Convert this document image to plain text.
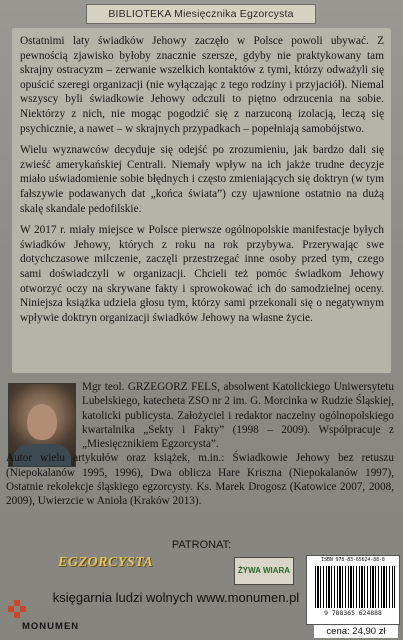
BIBLIOTEKA Miesięcznika Egzorcysta

Ostatnimi laty świadków Jehowy zaczęło w Polsce powoli ubywać. Z pewnością zjawisko byłoby znacznie szersze, gdyby nie praktykowany tam skrajny ostracyzm – zerwanie wszelkich kontaktów z tymi, którzy odważyli się opuścić szeregi organizacji (nie wyłączając z tego rodziny i przyjaciół). Niemal wszyscy byli świadkowie Jehowy odczuli to piętno odrzucenia na sobie. Niektórzy z nich, nie mogąc pogodzić się z narzuconą izolacją, leczą się psychicznie, a nawet – w skrajnych przypadkach – popełniają samobójstwo.

Wielu wyznawców decyduje się odejść po zrozumieniu, jak bardzo dali się zwieść amerykańskiej Centrali. Niemały wpływ na ich jakże trudne decyzje miało uświadomienie sobie błędnych i często zmieniających się doktryn (w tym fałszywie podawanych dat „końca świata”) czy ujawnione ostatnio na dużą skalę skandale pedofilskie.

W 2017 r. miały miejsce w Polsce pierwsze ogólnopolskie manifestacje byłych świadków Jehowy, których z roku na rok przybywa. Przerywając swe dotychczasowe milczenie, zaczęli przestrzegać inne osoby przed tym, czego sami doświadczyli w organizacji. Chcieli też pomóc świadkom Jehowy otworzyć oczy na skrywane fakty i sprowokować ich do samodzielnej oceny. Niniejsza książka udziela głosu tym, którzy sami przekonali się o negatywnym wpływie doktryn organizacji świadków Jehowy na własne życie.

Mgr teol. GRZEGORZ FELS, absolwent Katolickiego Uniwersytetu Lubelskiego, katecheta ZSO nr 2 im. G. Morcinka w Rudzie Śląskiej, katolicki publicysta. Założyciel i redaktor naczelny ogólnopolskiego kwartalnika „Sekty i Fakty” (1998 – 2009). Współpracuje z „Miesięcznikiem Egzorcysta”.
Autor wielu artykułów oraz książek, m.in.: Świadkowie Jehowy bez retuszu (Niepokalanów 1995, 1996), Dwa oblicza Hare Kriszna (Niepokalanów 1997), Ostatnie rekolekcje śląskiego egzorcysty. Ks. Marek Drogosz (Katowice 2007, 2008, 2009), Uwierzcie w Anioła (Kraków 2013).
PATRONAT:
EGZORCYSTA
ŻYWA WIARA
ISBN 978-83-65624-88-8
9 788365 624888
cena: 24,90 zł
księgarnia ludzi wolnych www.monumen.pl
MONUMEN
